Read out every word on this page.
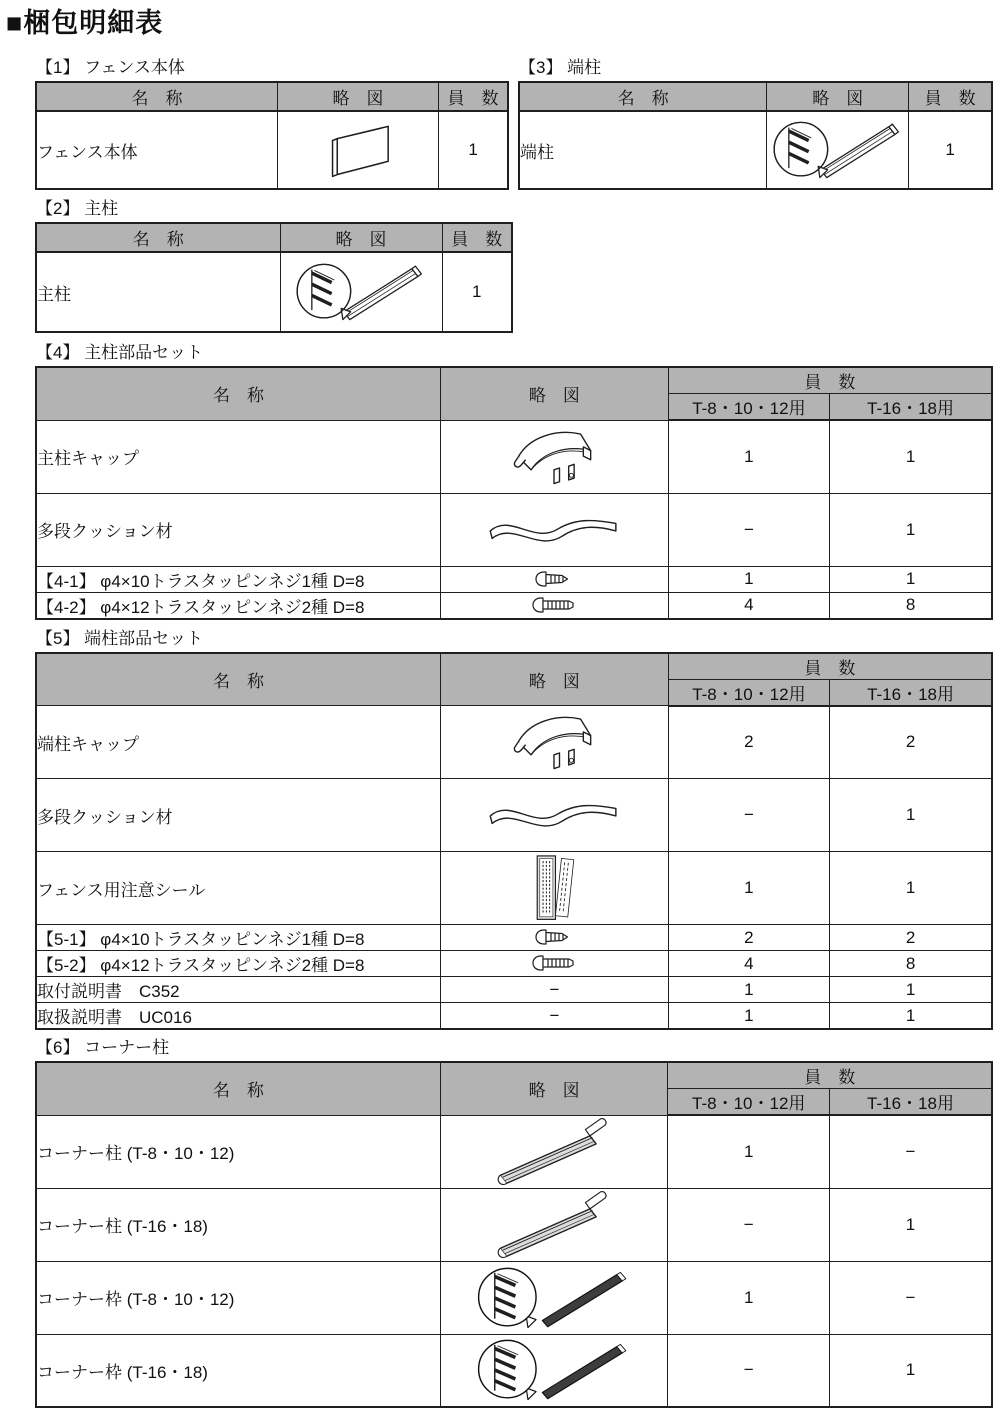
■梱包明細表
【1】 フェンス本体
名　称	略　図	員　数
フェンス本体		1
【3】 端柱
名　称	略　図	員　数
端柱		1
【2】 主柱
名　称	略　図	員　数
主柱		1
【4】 主柱部品セット
名　称	略　図	員　数	
		T-8・10・12用	T-16・18用
主柱キャップ		1	1
多段クッション材		−	1
【4-1】 φ4×10トラスタッピンネジ1種 D=8		1	1
【4-2】 φ4×12トラスタッピンネジ2種 D=8		4	8
【5】 端柱部品セット
名　称	略　図	員　数	
		T-8・10・12用	T-16・18用
端柱キャップ		2	2
多段クッション材		−	1
フェンス用注意シール		1	1
【5-1】 φ4×10トラスタッピンネジ1種 D=8		2	2
【5-2】 φ4×12トラスタッピンネジ2種 D=8		4	8
取付説明書　C352	−	1	1
取扱説明書　UC016	−	1	1
【6】 コーナー柱
名　称	略　図	員　数	
		T-8・10・12用	T-16・18用
コーナー柱 (T-8・10・12)		1	−
コーナー柱 (T-16・18)		−	1
コーナー枠 (T-8・10・12)		1	−
コーナー枠 (T-16・18)		−	1
